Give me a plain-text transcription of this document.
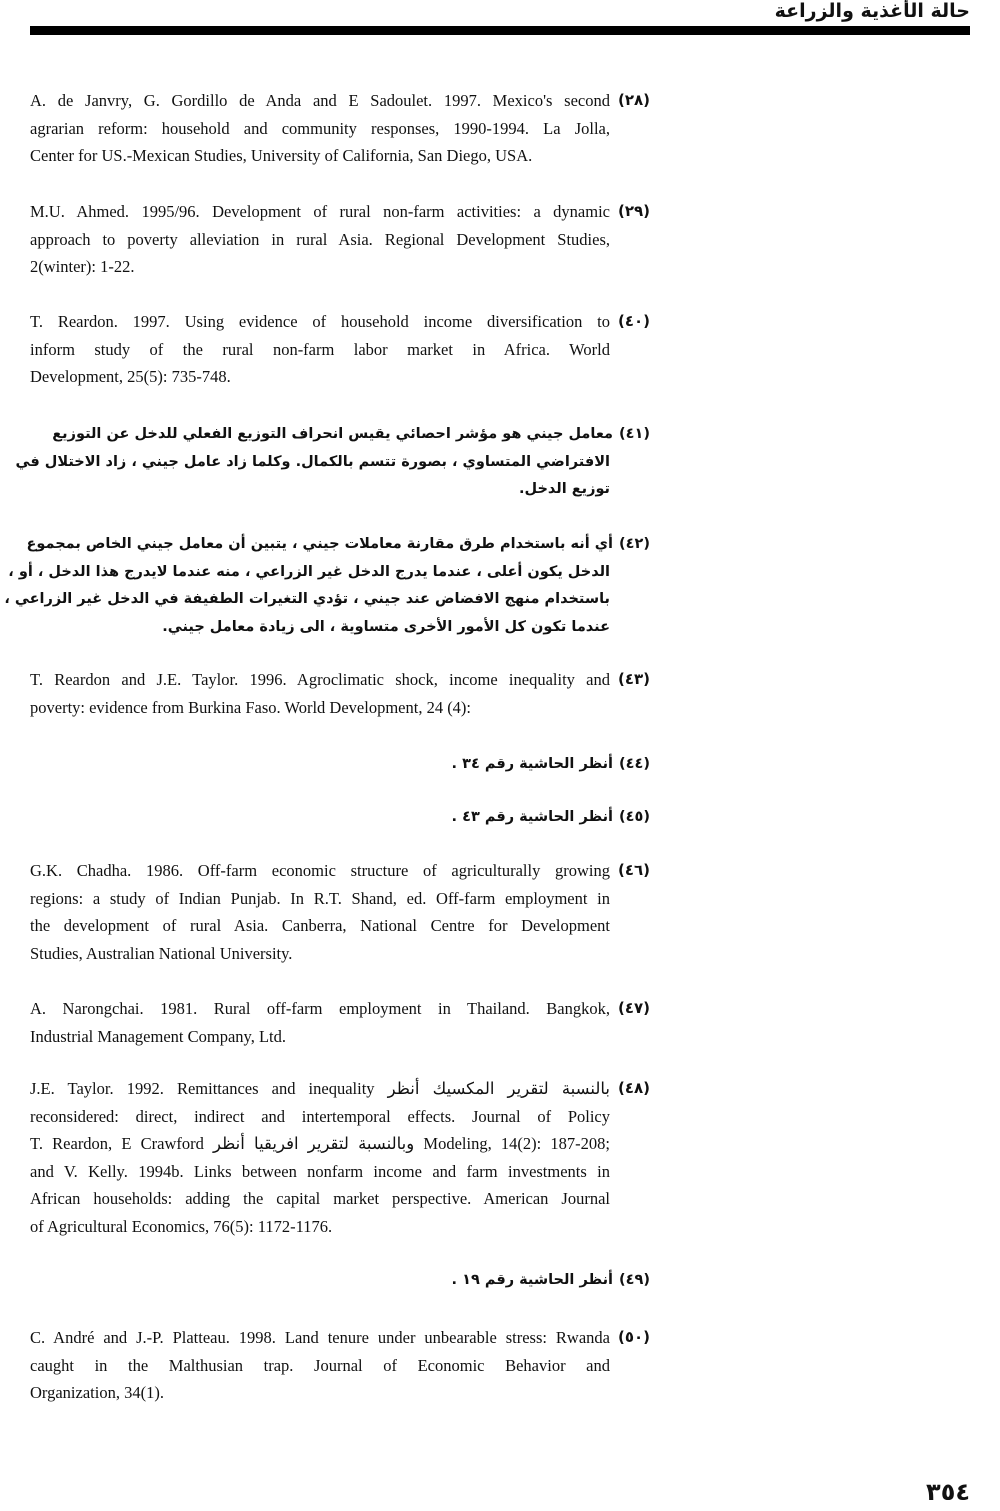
حالة الأغذية والزراعة
A. de Janvry, G. Gordillo de Anda and E Sadoulet. 1997. Mexico's second
agrarian reform: household and community responses, 1990-1994. La Jolla,
Center for US.-Mexican Studies, University of California, San Diego, USA.
(٢٨)
M.U. Ahmed. 1995/96. Development of rural non-farm activities: a dynamic
approach to poverty alleviation in rural Asia. Regional Development Studies,
2(winter): 1-22.
(٢٩)
T. Reardon. 1997. Using evidence of household income diversification to
inform study of the rural non-farm labor market in Africa. World
Development, 25(5): 735-748.
(٤٠)
(٤١)معامل جيني هو مؤشر احصائي يقيس انحراف التوزيع الفعلي للدخل عن التوزيع
الافتراضي المتساوي ، بصورة تتسم بالكمال. وكلما زاد عامل جيني ، زاد الاختلال في
توزيع الدخل.
(٤٢)أي أنه باستخدام طرق مقارنة معاملات جيني ، يتبين أن معامل جيني الخاص بمجموع
الدخل يكون أعلى ، عندما يدرج الدخل غير الزراعي ، منه عندما لايدرج هذا الدخل ، أو ،
باستخدام منهج الافضاض عند جيني ، تؤدي التغيرات الطفيفة في الدخل غير الزراعي ،
عندما تكون كل الأمور الأخرى متساوية ، الى زيادة معامل جيني.
T. Reardon and J.E. Taylor. 1996. Agroclimatic shock, income inequality and
poverty: evidence from Burkina Faso. World Development, 24 (4):
(٤٣)
(٤٤)أنظر الحاشية رقم ٣٤ .
(٤٥)أنظر الحاشية رقم ٤٣ .
G.K. Chadha. 1986. Off-farm economic structure of agriculturally growing
regions: a study of Indian Punjab. In R.T. Shand, ed. Off-farm employment in
the development of rural Asia. Canberra, National Centre for Development
Studies, Australian National University.
(٤٦)
A. Narongchai. 1981. Rural off-farm employment in Thailand. Bangkok,
Industrial Management Company, Ltd.
(٤٧)
J.E. Taylor. 1992. Remittances and inequality بالنسبة لتقرير المكسيك أنظر
reconsidered: direct, indirect and intertemporal effects. Journal of Policy
T. Reardon, E Crawford وبالنسبة لتقرير افريقيا أنظر Modeling, 14(2): 187-208;
and V. Kelly. 1994b. Links between nonfarm income and farm investments in
African households: adding the capital market perspective. American Journal
of Agricultural Economics, 76(5): 1172-1176.
(٤٨)
(٤٩)أنظر الحاشية رقم ١٩ .
C. André and J.-P. Platteau. 1998. Land tenure under unbearable stress: Rwanda
caught in the Malthusian trap. Journal of Economic Behavior and
Organization, 34(1).
(٥٠)
٣٥٤
